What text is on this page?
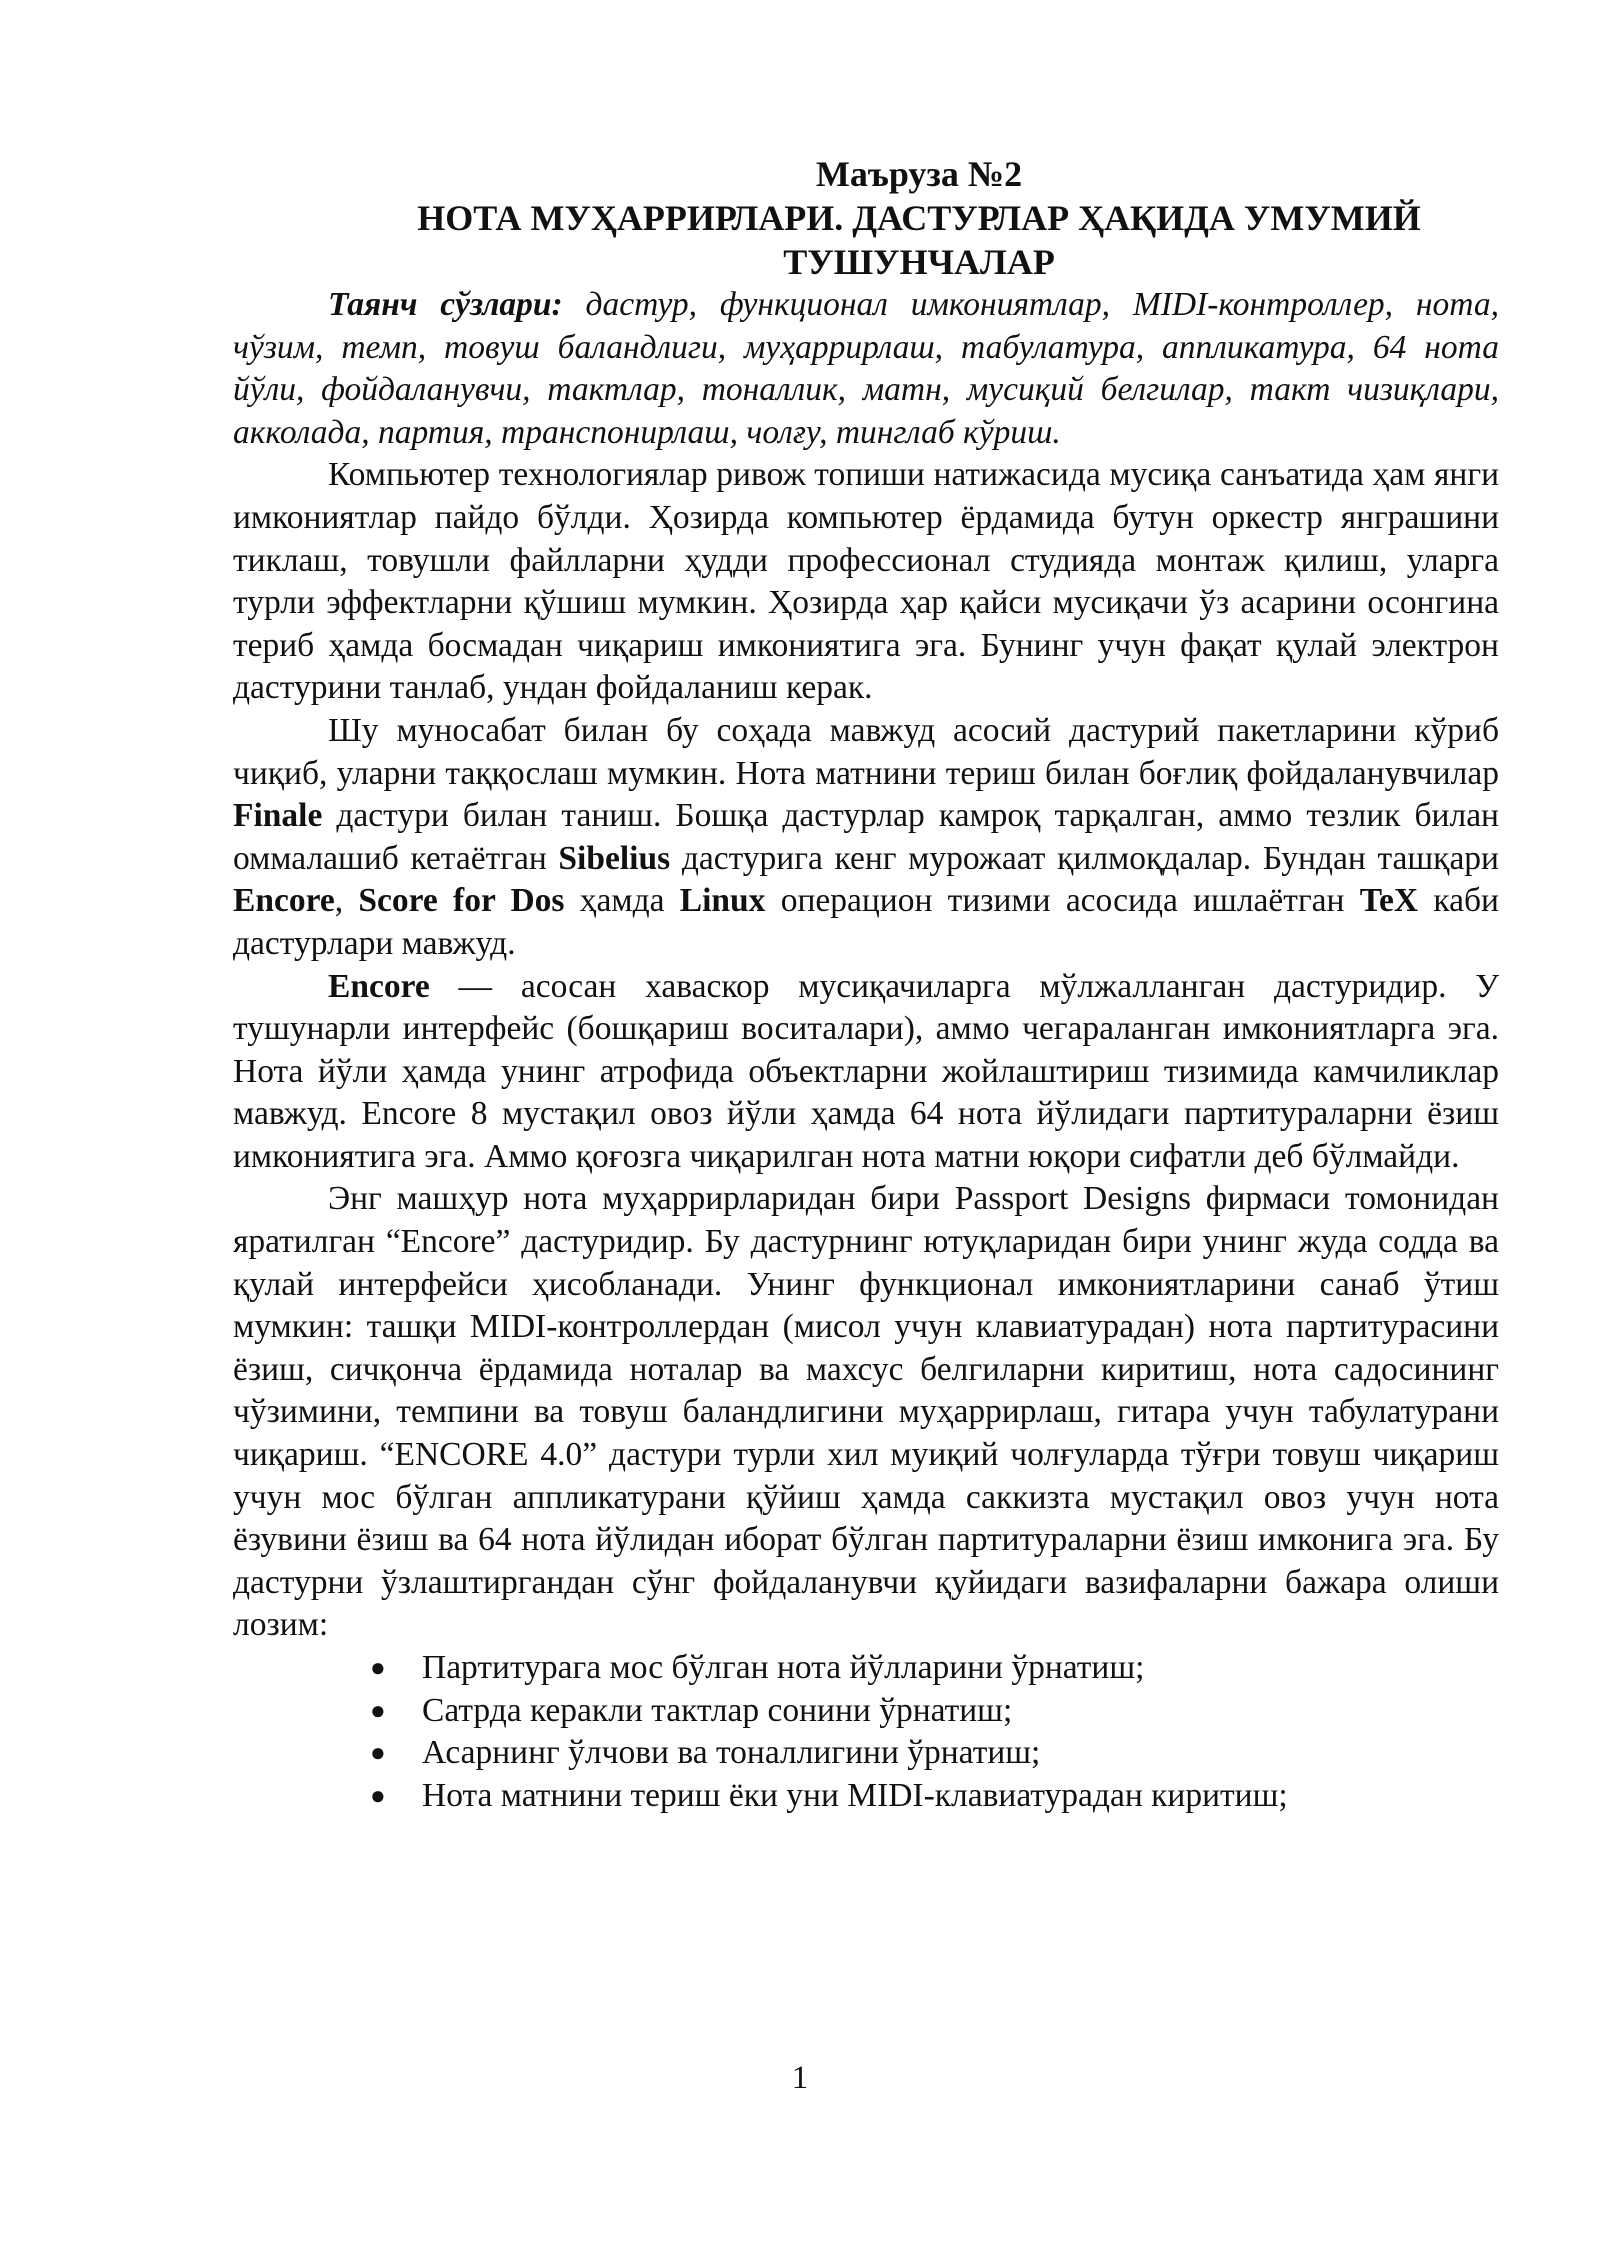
Маъруза №2

НОТА МУҲАРРИРЛАРИ. ДАСТУРЛАР ҲАҚИДА УМУМИЙ

ТУШУНЧАЛАР

Таянч сўзлари: дастур, функционал имкониятлар, MIDI-контроллер, нота, чўзим, темп, товуш баландлиги, муҳаррирлаш, табулатура, аппликатура, 64 нота йўли, фойдаланувчи, тактлар, тоналлик, матн, мусиқий белгилар, такт чизиқлари, акколада, партия, транспонирлаш, чолғу, тинглаб кўриш.

Компьютер технологиялар ривож топиши натижасида мусиқа санъатида ҳам янги имкониятлар пайдо бўлди. Ҳозирда компьютер ёрдамида бутун оркестр янграшини тиклаш, товушли файлларни ҳудди профессионал студияда монтаж қилиш, уларга турли эффектларни қўшиш мумкин. Ҳозирда ҳар қайси мусиқачи ўз асарини осонгина териб ҳамда босмадан чиқариш имкониятига эга. Бунинг учун фақат қулай электрон дастурини танлаб, ундан фойдаланиш керак.

Шу муносабат билан бу соҳада мавжуд асосий дастурий пакетларини кўриб чиқиб, уларни таққослаш мумкин. Нота матнини териш билан боғлиқ фойдаланувчилар Finale дастури билан таниш. Бошқа дастурлар камроқ тарқалган, аммо тезлик билан оммалашиб кетаётган Sibelius дастурига кенг мурожаат қилмоқдалар. Бундан ташқари Encore, Score for Dos ҳамда Linux операцион тизими асосида ишлаётган TeX каби дастурлари мавжуд.

Encore — асосан хаваскор мусиқачиларга мўлжалланган дастуридир. У тушунарли интерфейс (бошқариш воситалари), аммо чегараланган имкониятларга эга. Нота йўли ҳамда унинг атрофида объектларни жойлаштириш тизимида камчиликлар мавжуд. Encore 8 мустақил овоз йўли ҳамда 64 нота йўлидаги партитураларни ёзиш имкониятига эга. Аммо қоғозга чиқарилган нота матни юқори сифатли деб бўлмайди.

Энг машҳур нота муҳаррирларидан бири Passport Designs фирмаси томонидан яратилган “Encore” дастуридир. Бу дастурнинг ютуқларидан бири унинг жуда содда ва қулай интерфейси ҳисобланади. Унинг функционал имкониятларини санаб ўтиш мумкин: ташқи MIDI-контроллердан (мисол учун клавиатурадан) нота партитурасини ёзиш, сичқонча ёрдамида ноталар ва махсус белгиларни киритиш, нота садосининг чўзимини, темпини ва товуш баландлигини муҳаррирлаш, гитара учун табулатурани чиқариш. “ENCORE 4.0” дастури турли хил муиқий чолғуларда тўғри товуш чиқариш учун мос бўлган аппликатурани қўйиш ҳамда саккизта мустақил овоз учун нота ёзувини ёзиш ва 64 нота йўлидан иборат бўлган партитураларни ёзиш имконига эга. Бу дастурни ўзлаштиргандан сўнг фойдаланувчи қуйидаги вазифаларни бажара олиши лозим:

● Партитурага мос бўлган нота йўлларини ўрнатиш;
● Сатрда керакли тактлар сонини ўрнатиш;
● Асарнинг ўлчови ва тоналлигини ўрнатиш;
● Нота матнини териш ёки уни MIDI-клавиатурадан киритиш;
1
